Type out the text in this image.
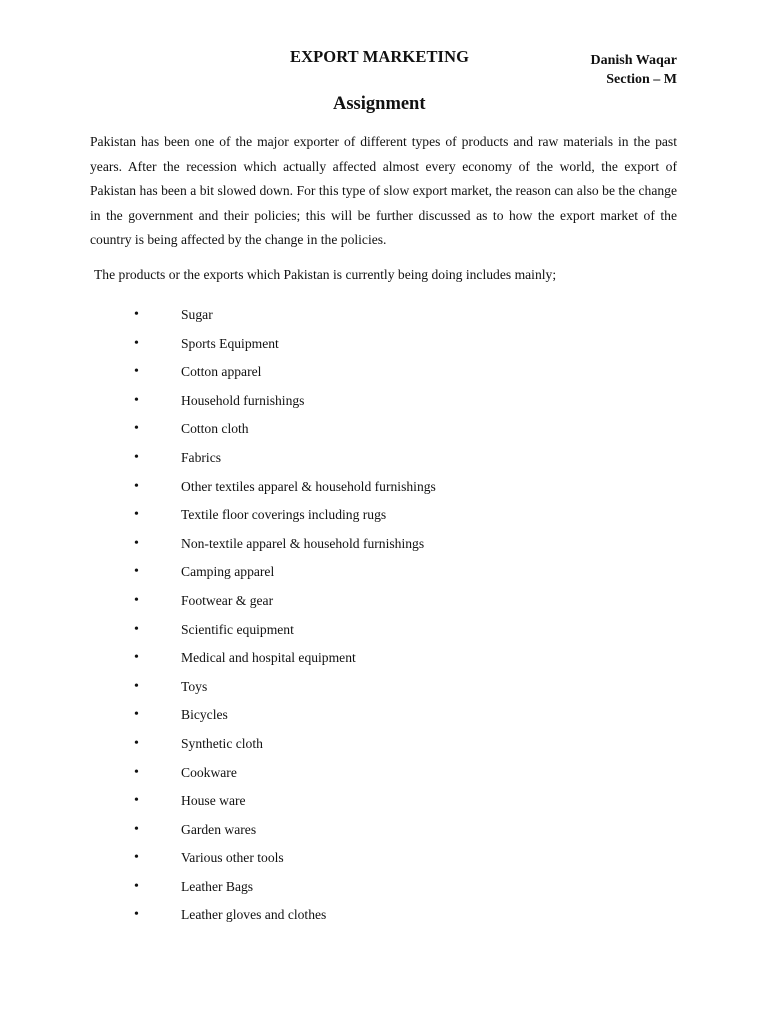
EXPORT MARKETING	Danish Waqar
Section – M
Assignment

Pakistan has been one of the major exporter of different types of products and raw materials in the past years. After the recession which actually affected almost every economy of the world, the export of Pakistan has been a bit slowed down. For this type of slow export market, the reason can also be the change in the government and their policies; this will be further discussed as to how the export market of the country is being affected by the change in the policies.

The products or the exports which Pakistan is currently being doing includes mainly;

•	Sugar
•	Sports Equipment
•	Cotton apparel
•	Household furnishings
•	Cotton cloth
•	Fabrics
•	Other textiles apparel & household furnishings
•	Textile floor coverings including rugs
•	Non-textile apparel & household furnishings
•	Camping apparel
•	Footwear & gear
•	Scientific equipment
•	Medical and hospital equipment
•	Toys
•	Bicycles
•	Synthetic cloth
•	Cookware
•	House ware
•	Garden wares
•	Various other tools
•	Leather Bags
•	Leather gloves and clothes
